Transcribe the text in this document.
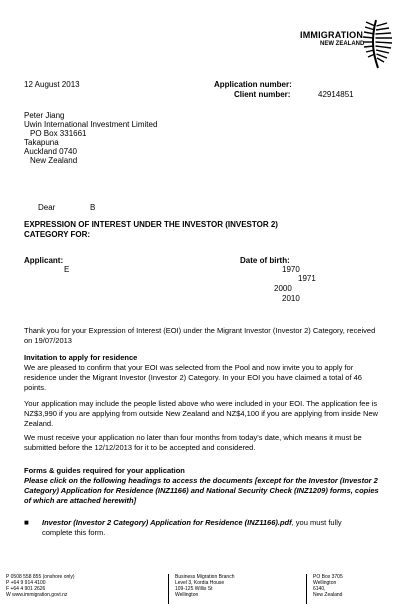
IMMIGRATION
NEW ZEALAND
12 August 2013	Application number:
Client number:	42914851
Peter Jiang
Uwin International Investment Limited
PO Box 331661
Takapuna
Auckland 0740
New Zealand
Dear	B
EXPRESSION OF INTEREST UNDER THE INVESTOR (INVESTOR 2)
CATEGORY FOR:
Applicant:
E
Date of birth:
1970
1971
2000
2010
Thank you for your Expression of Interest (EOI) under the Migrant Investor (Investor 2) Category, received on 19/07/2013
Invitation to apply for residence
We are pleased to confirm that your EOI was selected from the Pool and now invite you to apply for residence under the Migrant Investor (Investor 2) Category. In your EOI you have claimed a total of 46 points.
Your application may include the people listed above who were included in your EOI. The application fee is NZ$3,990 if you are applying from outside New Zealand and NZ$4,100 if you are applying from inside New Zealand.
We must receive your application no later than four months from today's date, which means it must be submitted before the 12/12/2013 for it to be accepted and considered.
Forms & guides required for your application
Please click on the following headings to access the documents [except for the Investor (Investor 2 Category) Application for Residence (INZ1166) and National Security Check (INZ1209) forms, copies of which are attached herewith]
■ Investor (Investor 2 Category) Application for Residence (INZ1166).pdf, you must fully complete this form.
P 0508 558 855 (onshore only)
P +64 9 914 4100
F +64 4 901 2626
W www.immigration.govt.nz
Business Migration Branch
Level 3, Kordia House
109-125 Willis St
Wellington
PO Box 3705
Wellington
6140,
New Zealand
